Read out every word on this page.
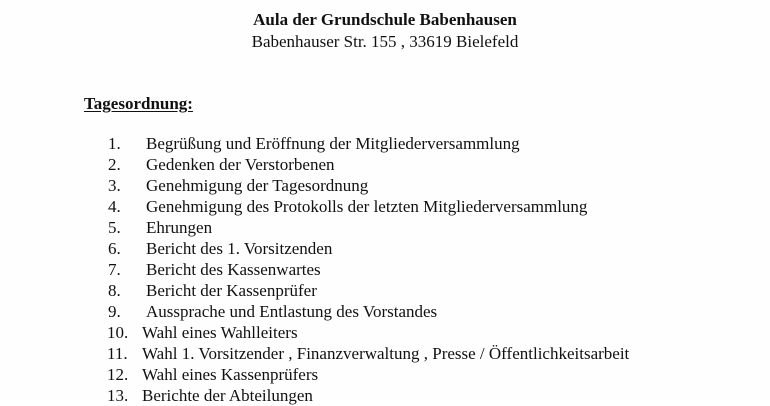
Aula der Grundschule Babenhausen
Babenhauser Str. 155 , 33619 Bielefeld
Tagesordnung:
1. Begrüßung und Eröffnung der Mitgliederversammlung
2. Gedenken der Verstorbenen
3. Genehmigung der Tagesordnung
4. Genehmigung des Protokolls der letzten Mitgliederversammlung
5. Ehrungen
6. Bericht des 1. Vorsitzenden
7. Bericht des Kassenwartes
8. Bericht der Kassenprüfer
9. Aussprache und Entlastung des Vorstandes
10. Wahl eines Wahlleiters
11. Wahl 1. Vorsitzender , Finanzverwaltung , Presse / Öffentlichkeitsarbeit
12. Wahl eines Kassenprüfers
13. Berichte der Abteilungen
